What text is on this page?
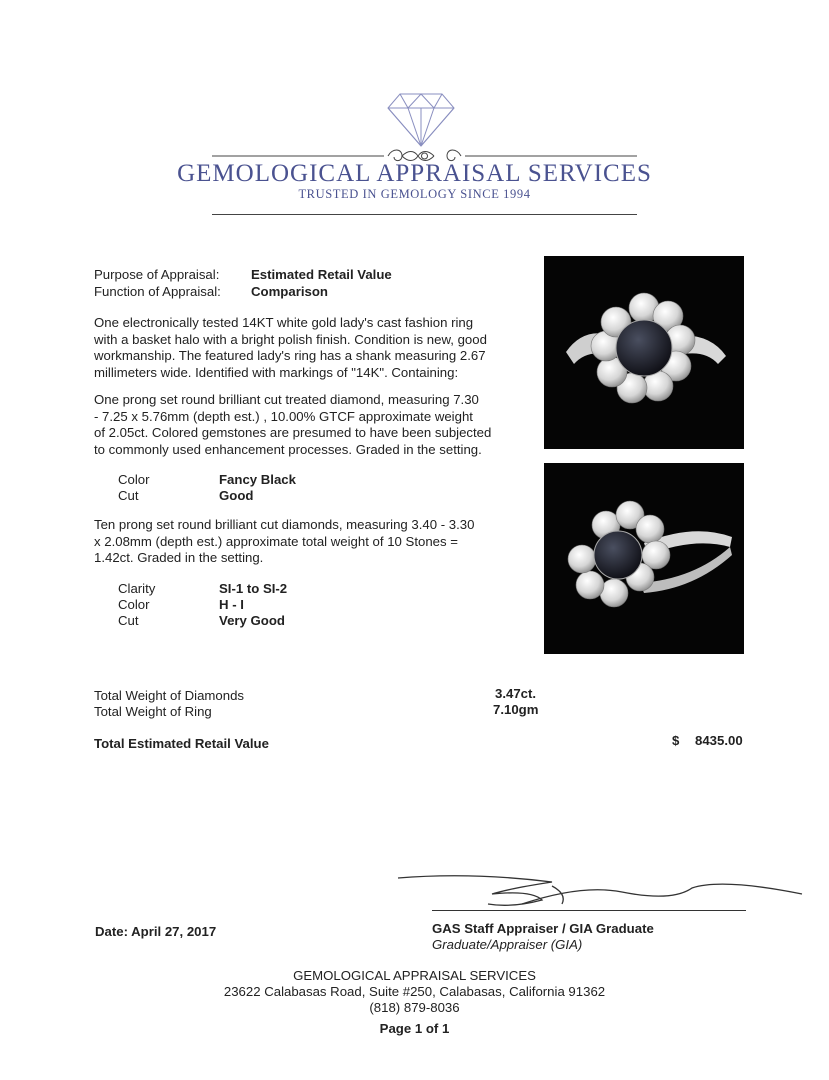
GEMOLOGICAL APPRAISAL SERVICES
TRUSTED IN GEMOLOGY SINCE 1994
Purpose of Appraisal: Estimated Retail Value
Function of Appraisal: Comparison
One electronically tested 14KT white gold lady's cast fashion ring
with a basket halo with a bright polish finish. Condition is new, good
workmanship. The featured lady's ring has a shank measuring 2.67
millimeters wide. Identified with markings of "14K". Containing:
One prong set round brilliant cut treated diamond, measuring 7.30
- 7.25 x 5.76mm (depth est.) , 10.00% GTCF approximate weight
of 2.05ct. Colored gemstones are presumed to have been subjected
to commonly used enhancement processes. Graded in the setting.
Color	Fancy Black
Cut	Good
Ten prong set round brilliant cut diamonds, measuring 3.40 - 3.30
x 2.08mm (depth est.) approximate total weight of 10 Stones =
1.42ct. Graded in the setting.
Clarity	SI-1 to SI-2
Color	H - I
Cut	Very Good
Total Weight of Diamonds	3.47ct.
Total Weight of Ring	7.10gm
Total Estimated Retail Value	$ 8435.00
Date: April 27, 2017	GAS Staff Appraiser / GIA Graduate
Graduate/Appraiser (GIA)
GEMOLOGICAL APPRAISAL SERVICES
23622 Calabasas Road, Suite #250, Calabasas, California 91362
(818) 879-8036
Page 1 of 1
